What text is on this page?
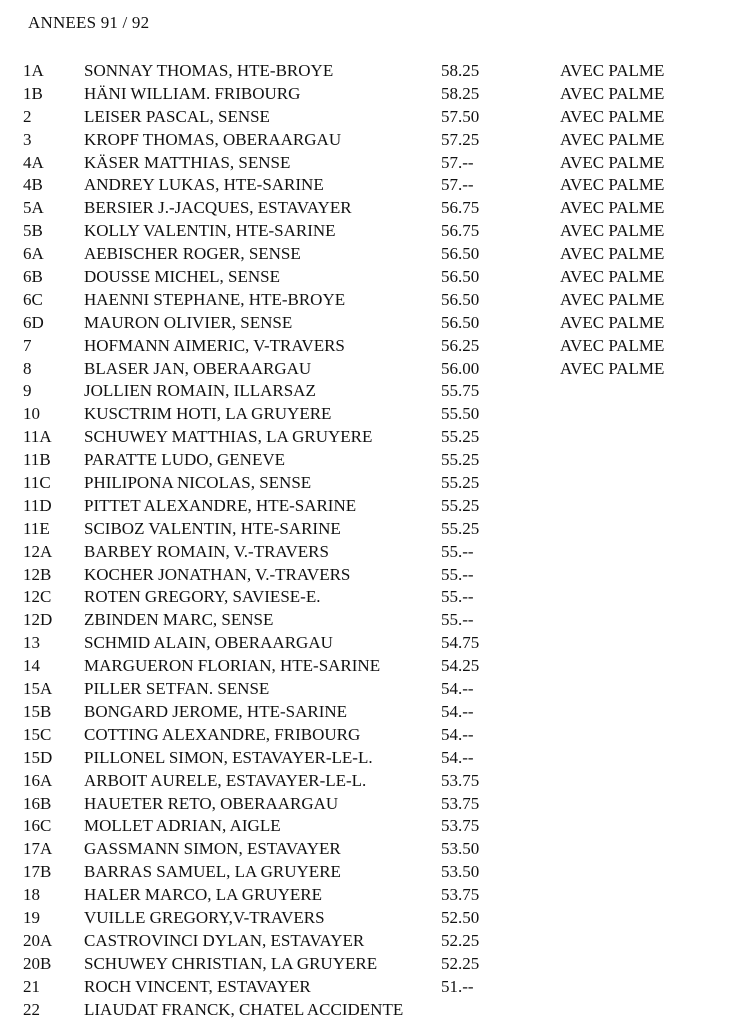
ANNEES 91 / 92
1A	SONNAY THOMAS, HTE-BROYE	58.25	AVEC PALME
1B	HÄNI WILLIAM. FRIBOURG	58.25	AVEC PALME
2	LEISER PASCAL, SENSE	57.50	AVEC PALME
3	KROPF THOMAS, OBERAARGAU	57.25	AVEC PALME
4A	KÄSER MATTHIAS, SENSE	57.--	AVEC PALME
4B	ANDREY LUKAS, HTE-SARINE	57.--	AVEC PALME
5A	BERSIER J.-JACQUES, ESTAVAYER	56.75	AVEC PALME
5B	KOLLY VALENTIN, HTE-SARINE	56.75	AVEC PALME
6A	AEBISCHER ROGER, SENSE	56.50	AVEC PALME
6B	DOUSSE MICHEL, SENSE	56.50	AVEC PALME
6C	HAENNI STEPHANE, HTE-BROYE	56.50	AVEC PALME
6D	MAURON OLIVIER, SENSE	56.50	AVEC PALME
7	HOFMANN AIMERIC, V-TRAVERS	56.25	AVEC PALME
8	BLASER JAN, OBERAARGAU	56.00	AVEC PALME
9	JOLLIEN ROMAIN, ILLARSAZ	55.75
10	KUSCTRIM HOTI, LA GRUYERE	55.50
11A	SCHUWEY MATTHIAS, LA GRUYERE	55.25
11B	PARATTE LUDO, GENEVE	55.25
11C	PHILIPONA NICOLAS, SENSE	55.25
11D	PITTET ALEXANDRE, HTE-SARINE	55.25
11E	SCIBOZ VALENTIN, HTE-SARINE	55.25
12A	BARBEY ROMAIN, V.-TRAVERS	55.--
12B	KOCHER JONATHAN, V.-TRAVERS	55.--
12C	ROTEN GREGORY, SAVIESE-E.	55.--
12D	ZBINDEN MARC, SENSE	55.--
13	SCHMID ALAIN, OBERAARGAU	54.75
14	MARGUERON FLORIAN, HTE-SARINE	54.25
15A	PILLER SETFAN. SENSE	54.--
15B	BONGARD JEROME, HTE-SARINE	54.--
15C	COTTING ALEXANDRE, FRIBOURG	54.--
15D	PILLONEL SIMON, ESTAVAYER-LE-L.	54.--
16A	ARBOIT AURELE, ESTAVAYER-LE-L.	53.75
16B	HAUETER RETO, OBERAARGAU	53.75
16C	MOLLET ADRIAN, AIGLE	53.75
17A	GASSMANN SIMON, ESTAVAYER	53.50
17B	BARRAS SAMUEL, LA GRUYERE	53.50
18	HALER MARCO, LA GRUYERE	53.75
19	VUILLE GREGORY,V-TRAVERS	52.50
20A	CASTROVINCI DYLAN, ESTAVAYER	52.25
20B	SCHUWEY CHRISTIAN, LA GRUYERE	52.25
21	ROCH VINCENT, ESTAVAYER	51.--
22	LIAUDAT FRANCK, CHATEL ACCIDENTE
